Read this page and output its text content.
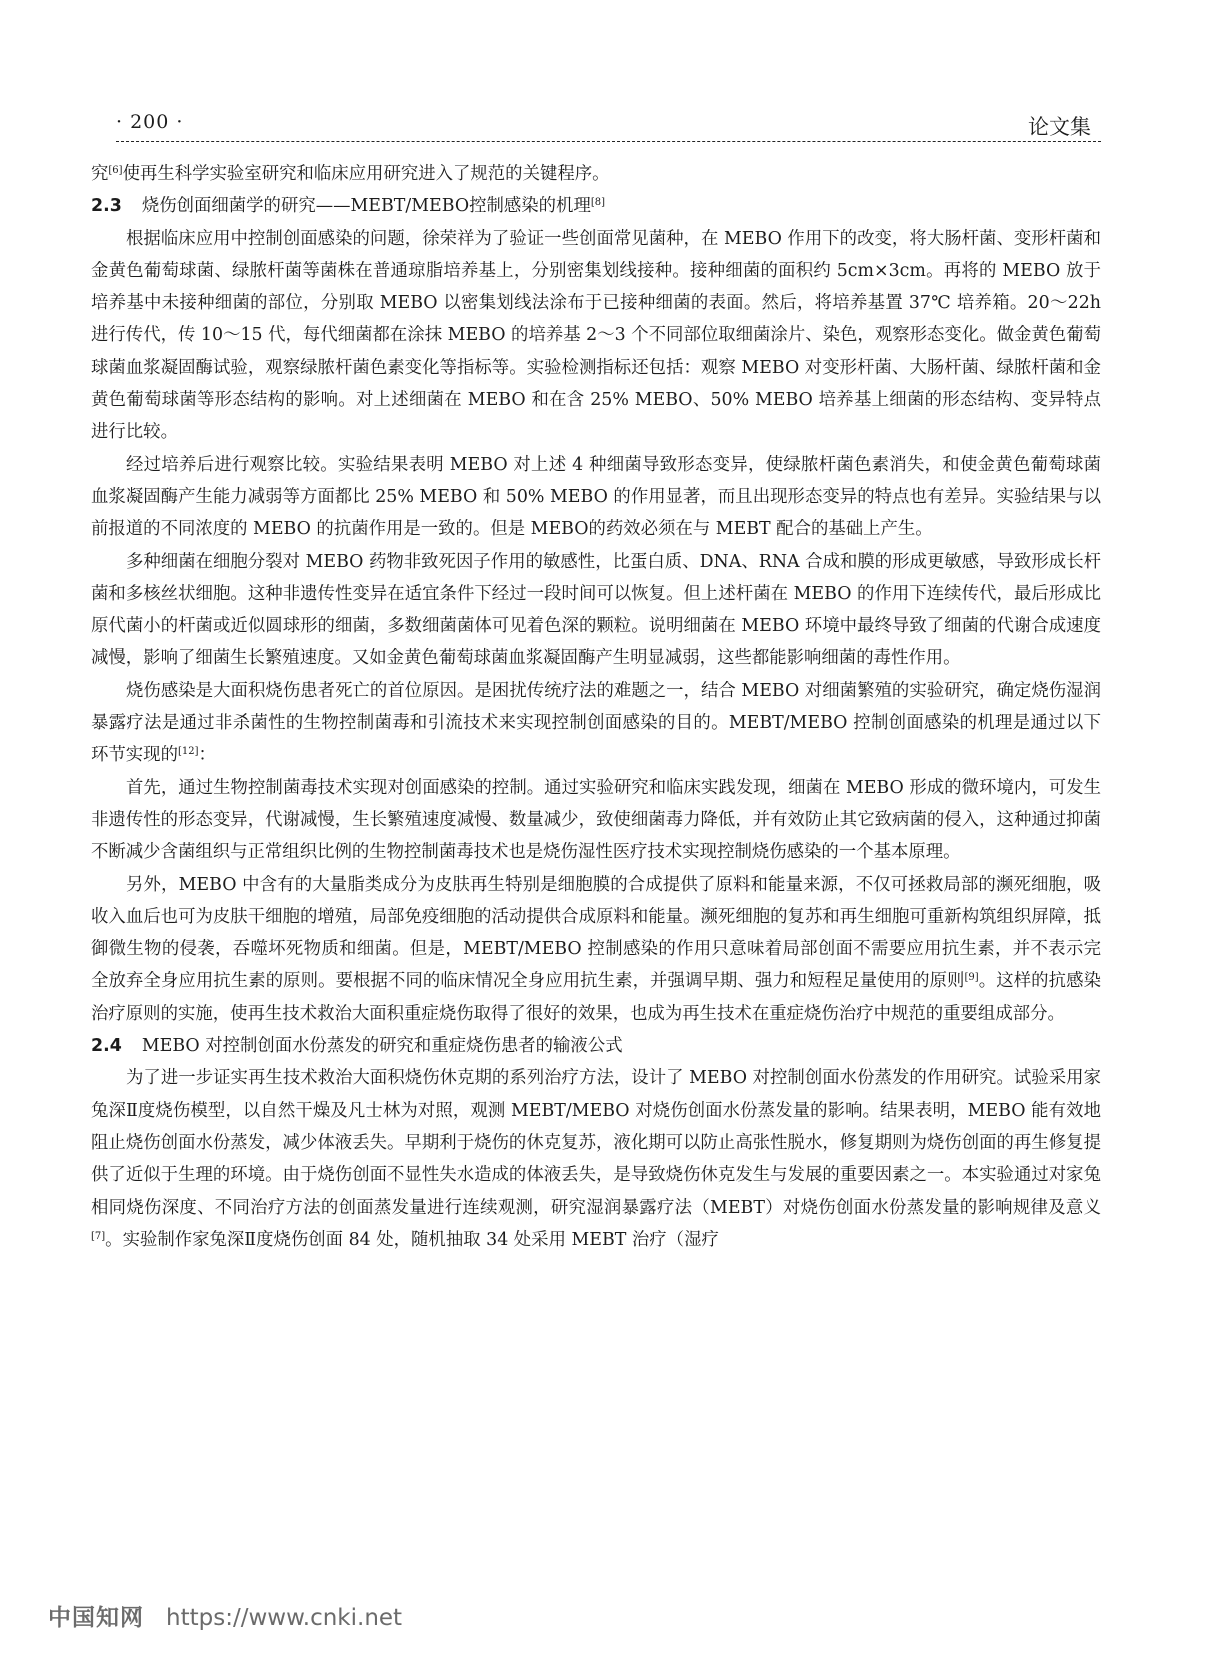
· 200 ·	论文集

究[6]使再生科学实验室研究和临床应用研究进入了规范的关键程序。

2.3 烧伤创面细菌学的研究——MEBT/MEBO控制感染的机理[8]

根据临床应用中控制创面感染的问题，徐荣祥为了验证一些创面常见菌种，在 MEBO 作用下的改变，将大肠杆菌、变形杆菌和金黄色葡萄球菌、绿脓杆菌等菌株在普通琼脂培养基上，分别密集划线接种。接种细菌的面积约 5cm×3cm。再将的 MEBO 放于培养基中未接种细菌的部位，分别取 MEBO 以密集划线法涂布于已接种细菌的表面。然后，将培养基置 37℃ 培养箱。20～22h 进行传代，传 10～15 代，每代细菌都在涂抹 MEBO 的培养基 2～3 个不同部位取细菌涂片、染色，观察形态变化。做金黄色葡萄球菌血浆凝固酶试验，观察绿脓杆菌色素变化等指标等。实验检测指标还包括：观察 MEBO 对变形杆菌、大肠杆菌、绿脓杆菌和金黄色葡萄球菌等形态结构的影响。对上述细菌在 MEBO 和在含 25% MEBO、50% MEBO 培养基上细菌的形态结构、变异特点进行比较。

经过培养后进行观察比较。实验结果表明 MEBO 对上述 4 种细菌导致形态变异，使绿脓杆菌色素消失，和使金黄色葡萄球菌血浆凝固酶产生能力减弱等方面都比 25% MEBO 和 50% MEBO 的作用显著，而且出现形态变异的特点也有差异。实验结果与以前报道的不同浓度的 MEBO 的抗菌作用是一致的。但是 MEBO的药效必须在与 MEBT 配合的基础上产生。

多种细菌在细胞分裂对 MEBO 药物非致死因子作用的敏感性，比蛋白质、DNA、RNA 合成和膜的形成更敏感，导致形成长杆菌和多核丝状细胞。这种非遗传性变异在适宜条件下经过一段时间可以恢复。但上述杆菌在 MEBO 的作用下连续传代，最后形成比原代菌小的杆菌或近似圆球形的细菌，多数细菌菌体可见着色深的颗粒。说明细菌在 MEBO 环境中最终导致了细菌的代谢合成速度减慢，影响了细菌生长繁殖速度。又如金黄色葡萄球菌血浆凝固酶产生明显减弱，这些都能影响细菌的毒性作用。

烧伤感染是大面积烧伤患者死亡的首位原因。是困扰传统疗法的难题之一，结合 MEBO 对细菌繁殖的实验研究，确定烧伤湿润暴露疗法是通过非杀菌性的生物控制菌毒和引流技术来实现控制创面感染的目的。MEBT/MEBO 控制创面感染的机理是通过以下环节实现的[12]：

首先，通过生物控制菌毒技术实现对创面感染的控制。通过实验研究和临床实践发现，细菌在 MEBO 形成的微环境内，可发生非遗传性的形态变异，代谢减慢，生长繁殖速度减慢、数量减少，致使细菌毒力降低，并有效防止其它致病菌的侵入，这种通过抑菌不断减少含菌组织与正常组织比例的生物控制菌毒技术也是烧伤湿性医疗技术实现控制烧伤感染的一个基本原理。

另外，MEBO 中含有的大量脂类成分为皮肤再生特别是细胞膜的合成提供了原料和能量来源，不仅可拯救局部的濒死细胞，吸收入血后也可为皮肤干细胞的增殖，局部免疫细胞的活动提供合成原料和能量。濒死细胞的复苏和再生细胞可重新构筑组织屏障，抵御微生物的侵袭，吞噬坏死物质和细菌。但是，MEBT/MEBO 控制感染的作用只意味着局部创面不需要应用抗生素，并不表示完全放弃全身应用抗生素的原则。要根据不同的临床情况全身应用抗生素，并强调早期、强力和短程足量使用的原则[9]。这样的抗感染治疗原则的实施，使再生技术救治大面积重症烧伤取得了很好的效果，也成为再生技术在重症烧伤治疗中规范的重要组成部分。

2.4 MEBO 对控制创面水份蒸发的研究和重症烧伤患者的输液公式

为了进一步证实再生技术救治大面积烧伤休克期的系列治疗方法，设计了 MEBO 对控制创面水份蒸发的作用研究。试验采用家兔深Ⅱ度烧伤模型，以自然干燥及凡士林为对照，观测 MEBT/MEBO 对烧伤创面水份蒸发量的影响。结果表明，MEBO 能有效地阻止烧伤创面水份蒸发，减少体液丢失。早期利于烧伤的休克复苏，液化期可以防止高张性脱水，修复期则为烧伤创面的再生修复提供了近似于生理的环境。由于烧伤创面不显性失水造成的体液丢失，是导致烧伤休克发生与发展的重要因素之一。本实验通过对家兔相同烧伤深度、不同治疗方法的创面蒸发量进行连续观测，研究湿润暴露疗法（MEBT）对烧伤创面水份蒸发量的影响规律及意义[7]。实验制作家兔深Ⅱ度烧伤创面 84 处，随机抽取 34 处采用 MEBT 治疗（湿疗

中国知网 https://www.cnki.net
